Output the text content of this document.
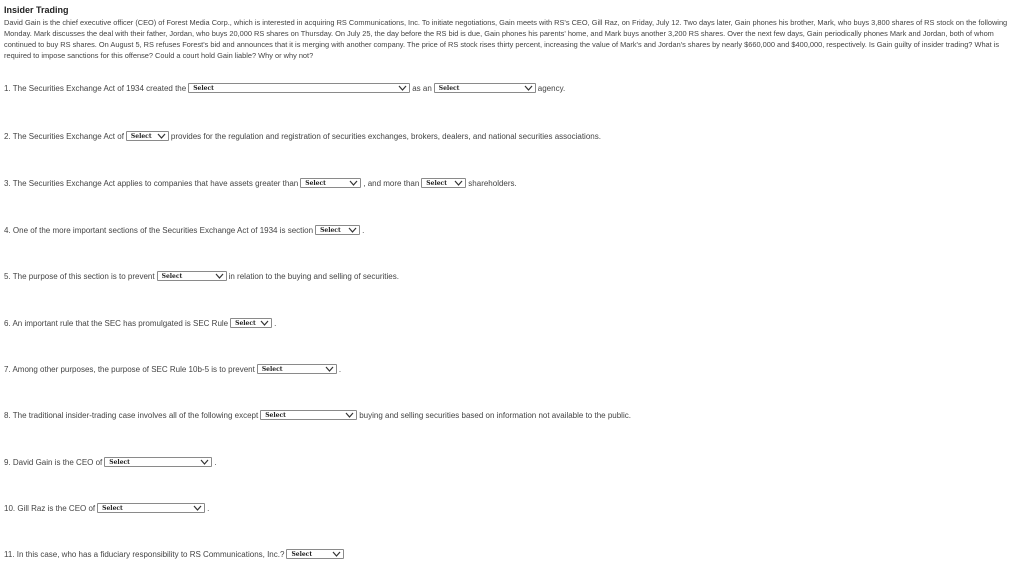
Insider Trading
David Gain is the chief executive officer (CEO) of Forest Media Corp., which is interested in acquiring RS Communications, Inc. To initiate negotiations, Gain meets with RS's CEO, Gill Raz, on Friday, July 12. Two days later, Gain phones his brother, Mark, who buys 3,800 shares of RS stock on the following Monday. Mark discusses the deal with their father, Jordan, who buys 20,000 RS shares on Thursday. On July 25, the day before the RS bid is due, Gain phones his parents' home, and Mark buys another 3,200 RS shares. Over the next few days, Gain periodically phones Mark and Jordan, both of whom continued to buy RS shares. On August 5, RS refuses Forest's bid and announces that it is merging with another company. The price of RS stock rises thirty percent, increasing the value of Mark's and Jordan's shares by nearly $660,000 and $400,000, respectively. Is Gain guilty of insider trading? What is required to impose sanctions for this offense? Could a court hold Gain liable? Why or why not?
1. The Securities Exchange Act of 1934 created the Select	as an Select	agency.
2. The Securities Exchange Act of Select provides for the regulation and registration of securities exchanges, brokers, dealers, and national securities associations.
3. The Securities Exchange Act applies to companies that have assets greater than Select	, and more than Select	shareholders.
4. One of the more important sections of the Securities Exchange Act of 1934 is section Select	.
5. The purpose of this section is to prevent Select	in relation to the buying and selling of securities.
6. An important rule that the SEC has promulgated is SEC Rule Select .
7. Among other purposes, the purpose of SEC Rule 10b-5 is to prevent Select	.
8. The traditional insider-trading case involves all of the following except Select	buying and selling securities based on information not available to the public.
9. David Gain is the CEO of Select	.
10. Gill Raz is the CEO of Select	.
11. In this case, who has a fiduciary responsibility to RS Communications, Inc.? Select
